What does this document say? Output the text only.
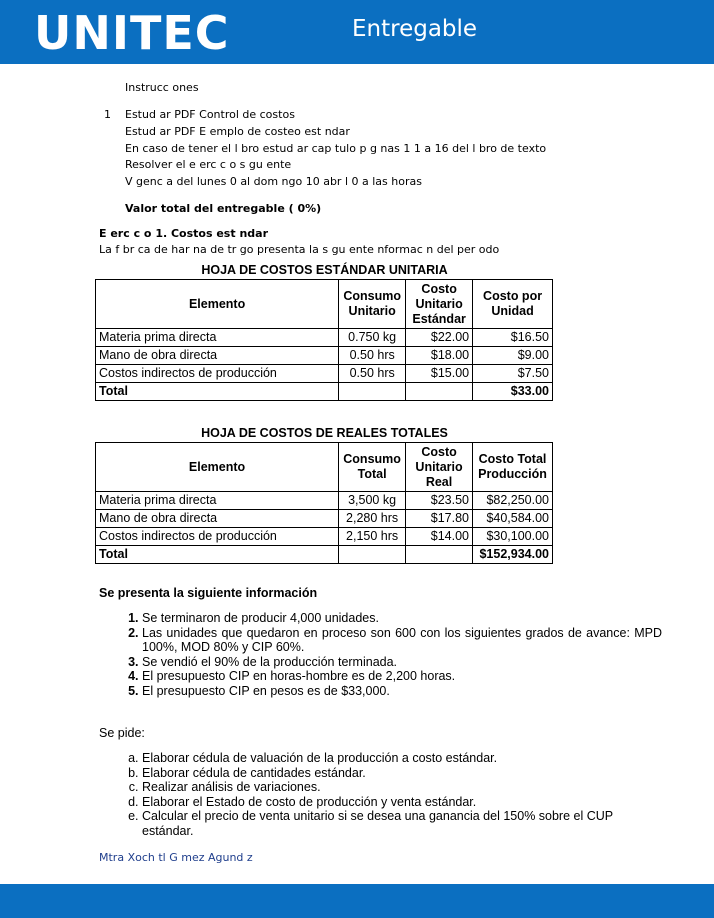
UNITEC	Entregable
Instrucc ones
1 Estud ar PDF Control de costos
Estud ar PDF E emplo de costeo est ndar
En caso de tener el l bro estud ar cap tulo p g nas 1 1 a 16 del l bro de texto
Resolver el e erc c o s gu ente
V genc a del lunes 0 al dom ngo 10 abr l 0 a las horas
Valor total del entregable ( 0%)
E erc c o 1. Costos est ndar
La f br ca de har na de tr go presenta la s gu ente nformac n del per odo
HOJA DE COSTOS ESTÁNDAR UNITARIA
Elemento	Consumo Unitario	Costo Unitario Estándar	Costo por Unidad
Materia prima directa	0.750 kg	$22.00	$16.50
Mano de obra directa	0.50 hrs	$18.00	$9.00
Costos indirectos de producción	0.50 hrs	$15.00	$7.50
Total			$33.00
HOJA DE COSTOS DE REALES TOTALES
Elemento	Consumo Total	Costo Unitario Real	Costo Total Producción
Materia prima directa	3,500 kg	$23.50	$82,250.00
Mano de obra directa	2,280 hrs	$17.80	$40,584.00
Costos indirectos de producción	2,150 hrs	$14.00	$30,100.00
Total			$152,934.00
Se presenta la siguiente información
1. Se terminaron de producir 4,000 unidades.
2. Las unidades que quedaron en proceso son 600 con los siguientes grados de avance: MPD 100%, MOD 80% y CIP 60%.
3. Se vendió el 90% de la producción terminada.
4. El presupuesto CIP en horas-hombre es de 2,200 horas.
5. El presupuesto CIP en pesos es de $33,000.
Se pide:
a. Elaborar cédula de valuación de la producción a costo estándar.
b. Elaborar cédula de cantidades estándar.
c. Realizar análisis de variaciones.
d. Elaborar el Estado de costo de producción y venta estándar.
e. Calcular el precio de venta unitario si se desea una ganancia del 150% sobre el CUP estándar.
Mtra Xoch tl G mez Agund z
